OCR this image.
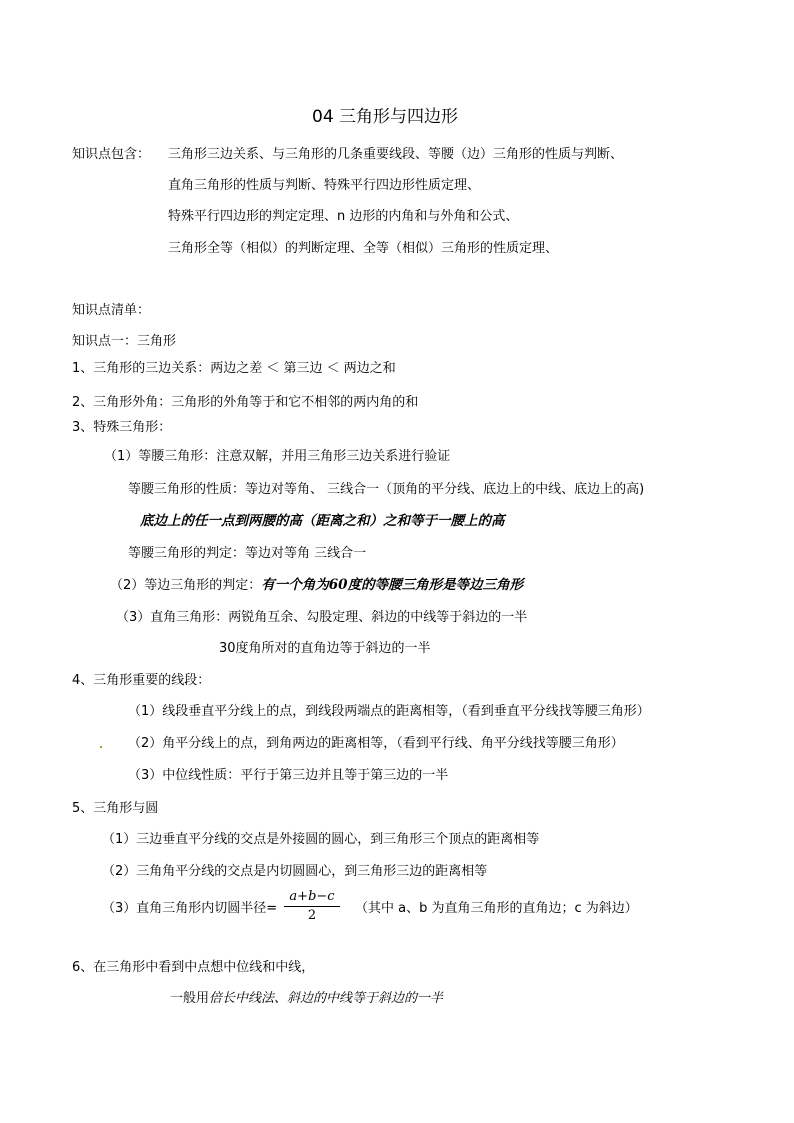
04 三角形与四边形
知识点包含： 三角形三边关系、与三角形的几条重要线段、等腰（边）三角形的性质与判断、
直角三角形的性质与判断、特殊平行四边形性质定理、
特殊平行四边形的判定定理、n 边形的内角和与外角和公式、
三角形全等（相似）的判断定理、全等（相似）三角形的性质定理、
知识点清单：
知识点一：三角形
1、三角形的三边关系：两边之差 ＜ 第三边 ＜ 两边之和
2、三角形外角：三角形的外角等于和它不相邻的两内角的和
3、特殊三角形：
（1）等腰三角形：注意双解，并用三角形三边关系进行验证
等腰三角形的性质：等边对等角、 三线合一（顶角的平分线、底边上的中线、底边上的高)
底边上的任一点到两腰的高（距离之和）之和等于一腰上的高
等腰三角形的判定：等边对等角 三线合一
（2）等边三角形的判定：有一个角为60度的等腰三角形是等边三角形
（3）直角三角形：两锐角互余、勾股定理、斜边的中线等于斜边的一半
30度角所对的直角边等于斜边的一半
4、三角形重要的线段：
（1）线段垂直平分线上的点，到线段两端点的距离相等，（看到垂直平分线找等腰三角形）
（2）角平分线上的点，到角两边的距离相等，（看到平行线、角平分线找等腰三角形）
（3）中位线性质：平行于第三边并且等于第三边的一半
5、三角形与圆
（1）三边垂直平分线的交点是外接圆的圆心，到三角形三个顶点的距离相等
（2）三角角平分线的交点是内切圆圆心，到三角形三边的距离相等
（3）直角三角形内切圆半径=
a+b−c
2	（其中 a、b 为直角三角形的直角边；c 为斜边）
6、在三角形中看到中点想中位线和中线，
一般用倍长中线法、斜边的中线等于斜边的一半
